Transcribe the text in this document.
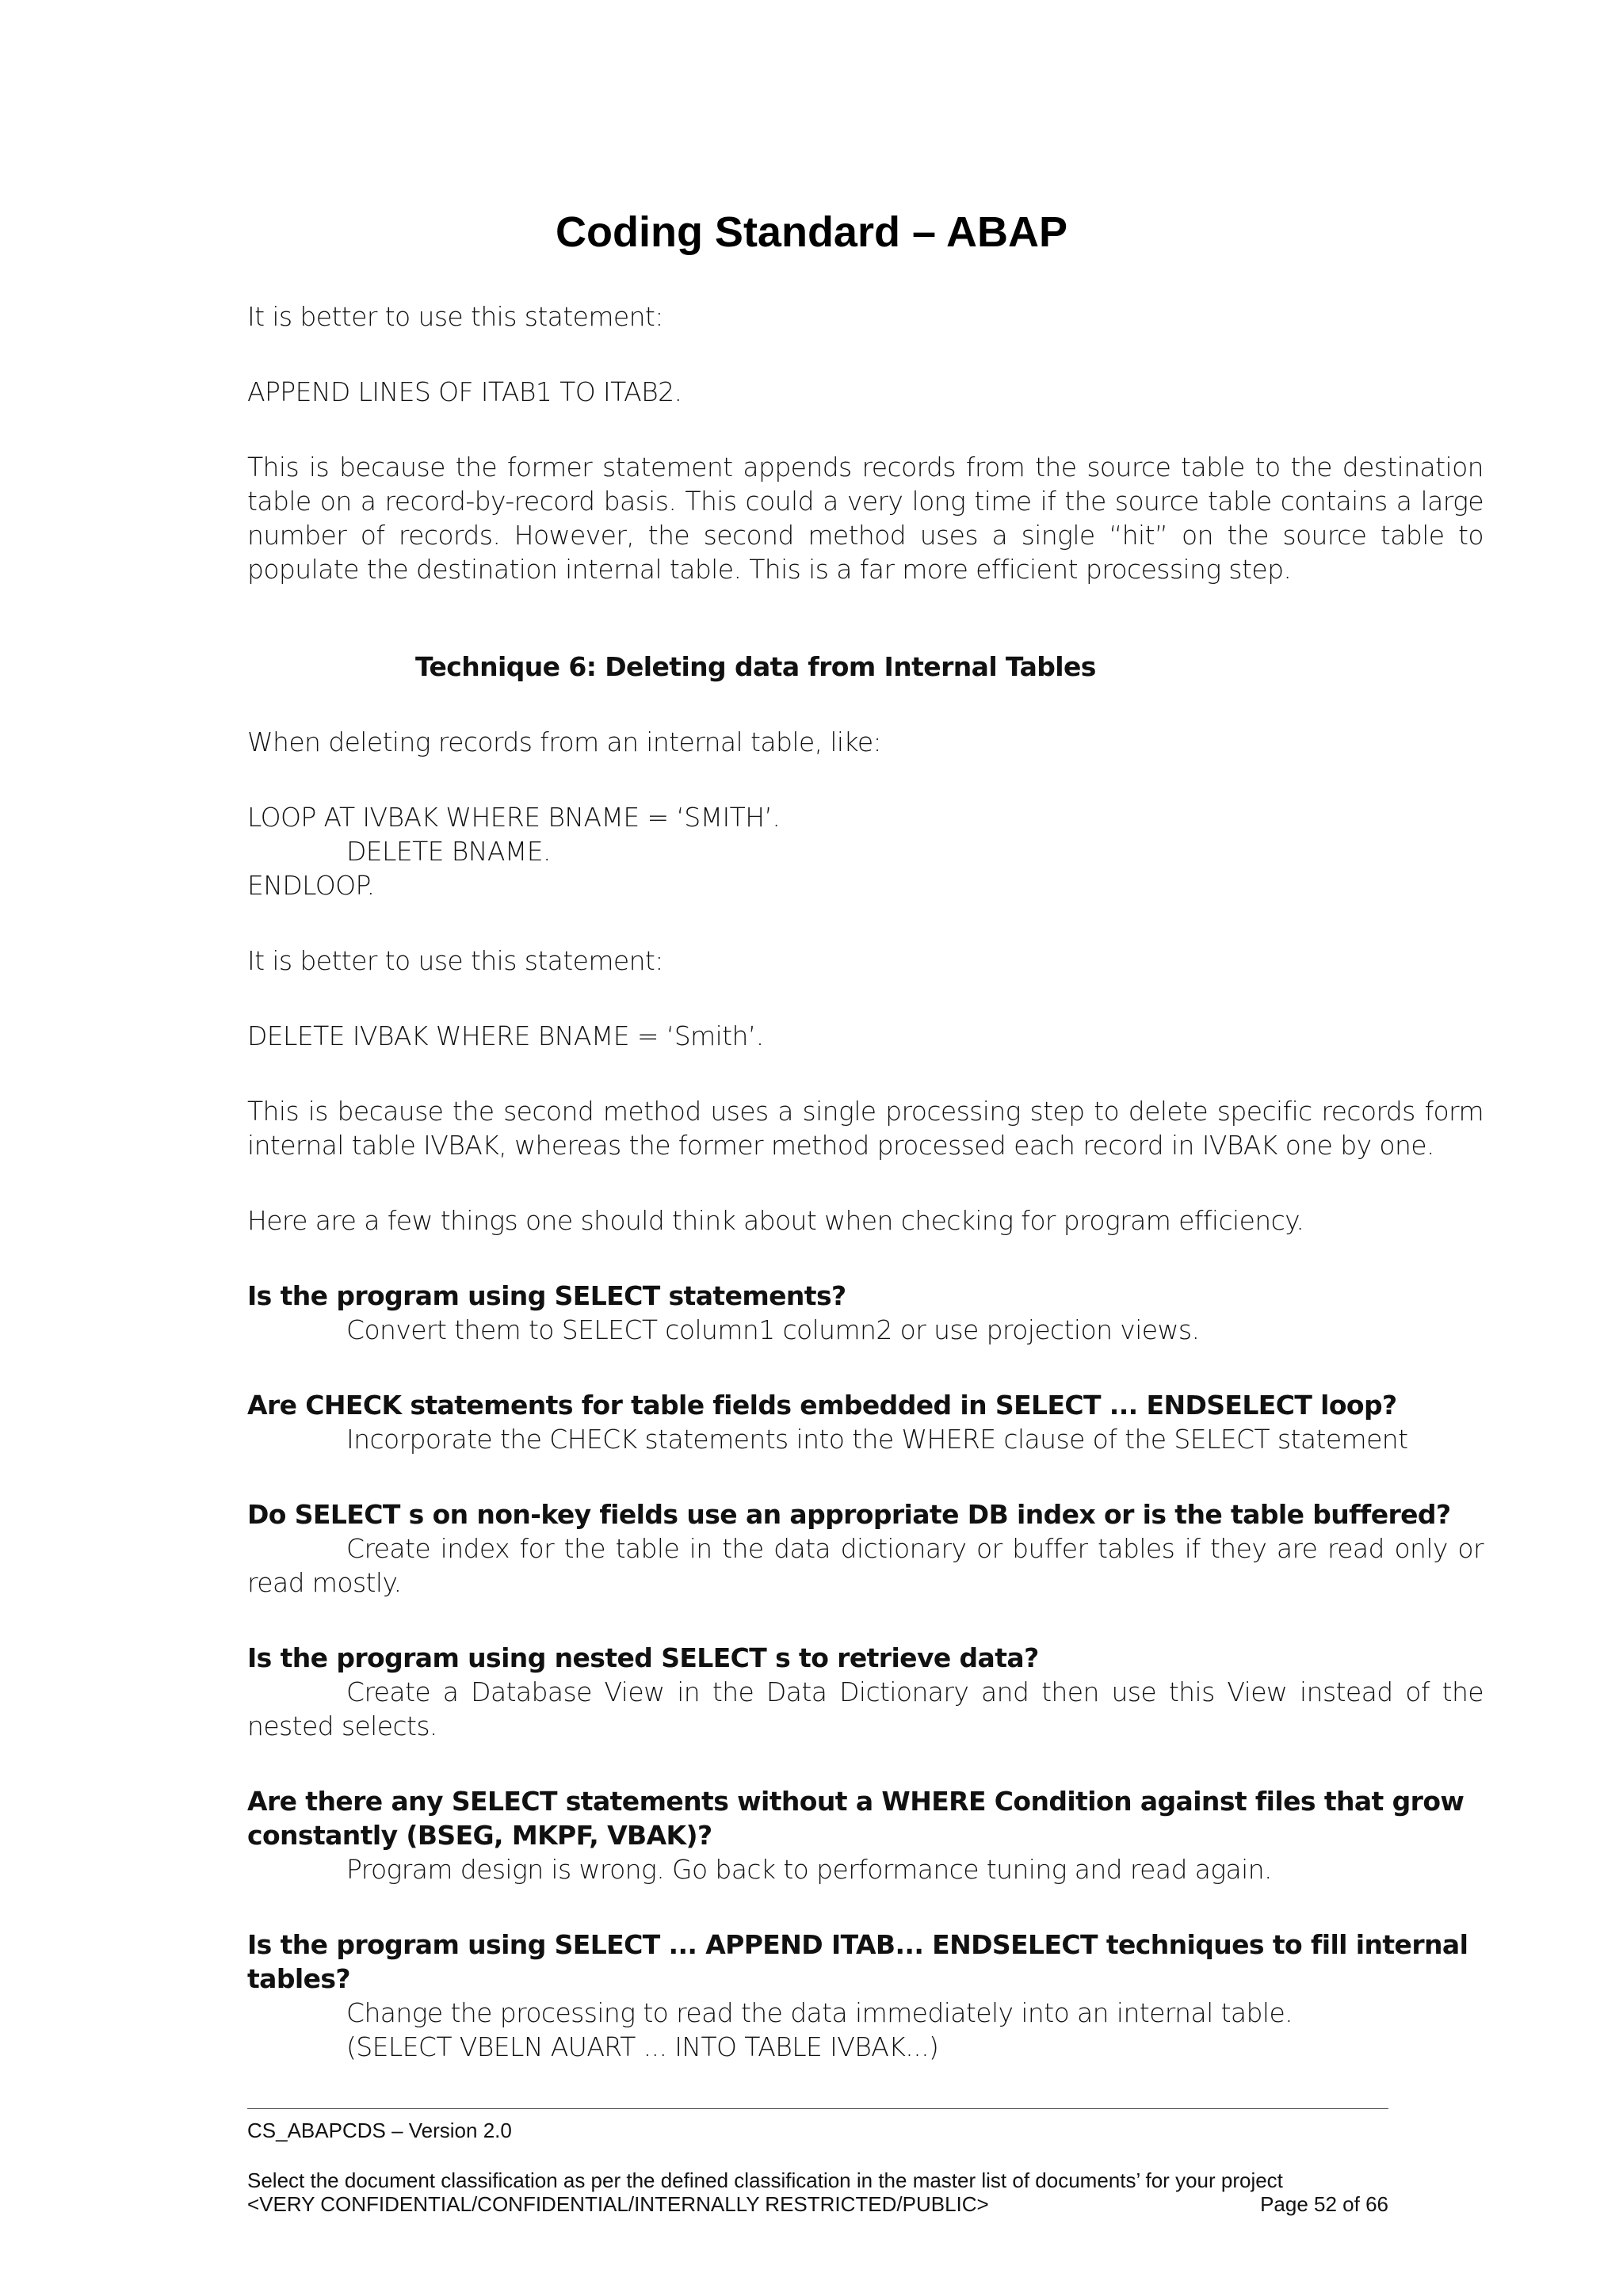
Coding Standard – ABAP

It is better to use this statement:

APPEND LINES OF ITAB1 TO ITAB2.

This is because the former statement appends records from the source table to the destination table on a record-by-record basis. This could a very long time if the source table contains a large number of records. However, the second method uses a single “hit” on the source table to populate the destination internal table. This is a far more efficient processing step.

Technique 6: Deleting data from Internal Tables

When deleting records from an internal table, like:

LOOP AT IVBAK WHERE BNAME = ‘SMITH’.

DELETE BNAME.

ENDLOOP.

It is better to use this statement:

DELETE IVBAK WHERE BNAME = ‘Smith’.

This is because the second method uses a single processing step to delete specific records form internal table IVBAK, whereas the former method processed each record in IVBAK one by one.

Here are a few things one should think about when checking for program efficiency.

Is the program using SELECT statements?

Convert them to SELECT column1 column2 or use projection views.

Are CHECK statements for table fields embedded in SELECT ... ENDSELECT loop?

Incorporate the CHECK statements into the WHERE clause of the SELECT statement

Do SELECT s on non-key fields use an appropriate DB index or is the table buffered?

Create index for the table in the data dictionary or buffer tables if they are read only or read mostly.

Is the program using nested SELECT s to retrieve data?

Create a Database View in the Data Dictionary and then use this View instead of the nested selects.

Are there any SELECT statements without a WHERE Condition against files that grow constantly (BSEG, MKPF, VBAK)?

Program design is wrong. Go back to performance tuning and read again.

Is the program using SELECT ... APPEND ITAB... ENDSELECT techniques to fill internal tables?

Change the processing to read the data immediately into an internal table.

(SELECT VBELN AUART ... INTO TABLE IVBAK...)

CS_ABAPCDS – Version 2.0
Select the document classification as per the defined classification in the master list of documents’ for your project
<VERY CONFIDENTIAL/CONFIDENTIAL/INTERNALLY RESTRICTED/PUBLIC>	Page 52 of 66
